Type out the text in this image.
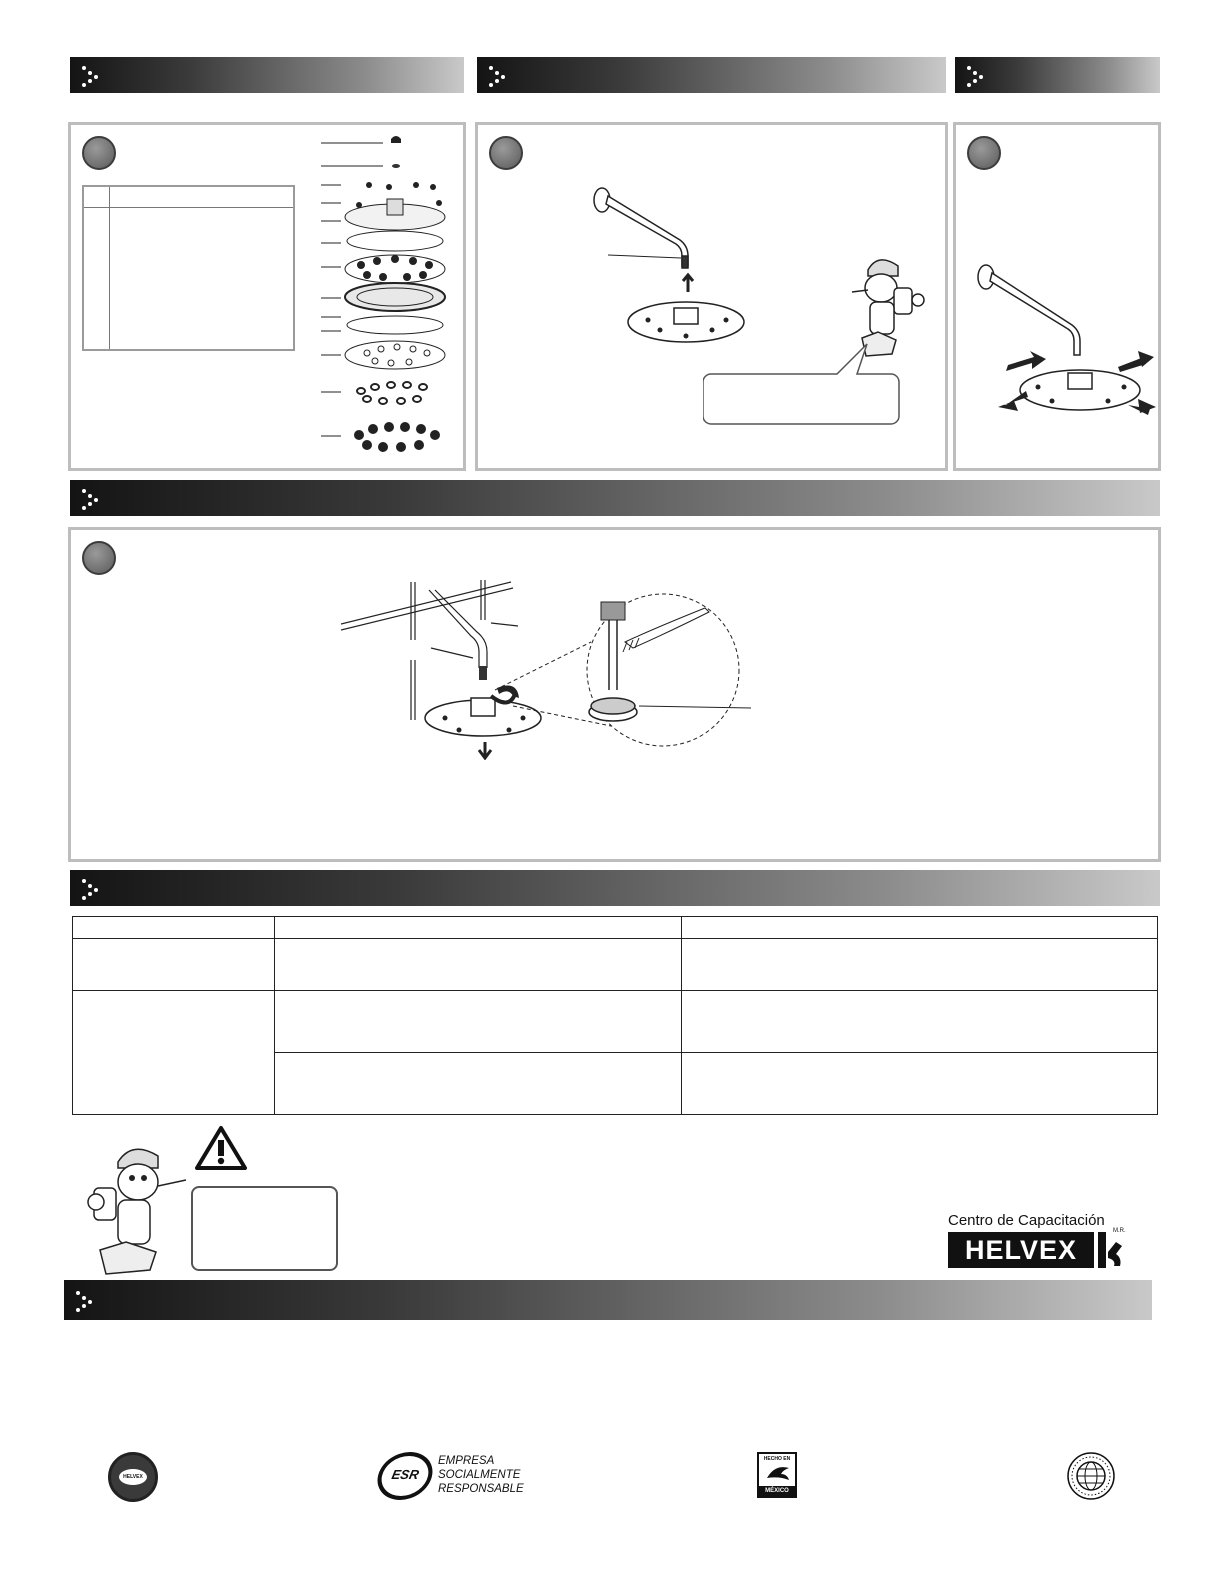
Centro de Capacitación
HELVEX
M.R.
HELVEX	ESR
EMPRESA
SOCIALMENTE
RESPONSABLE
HECHO EN
MÉXICO
